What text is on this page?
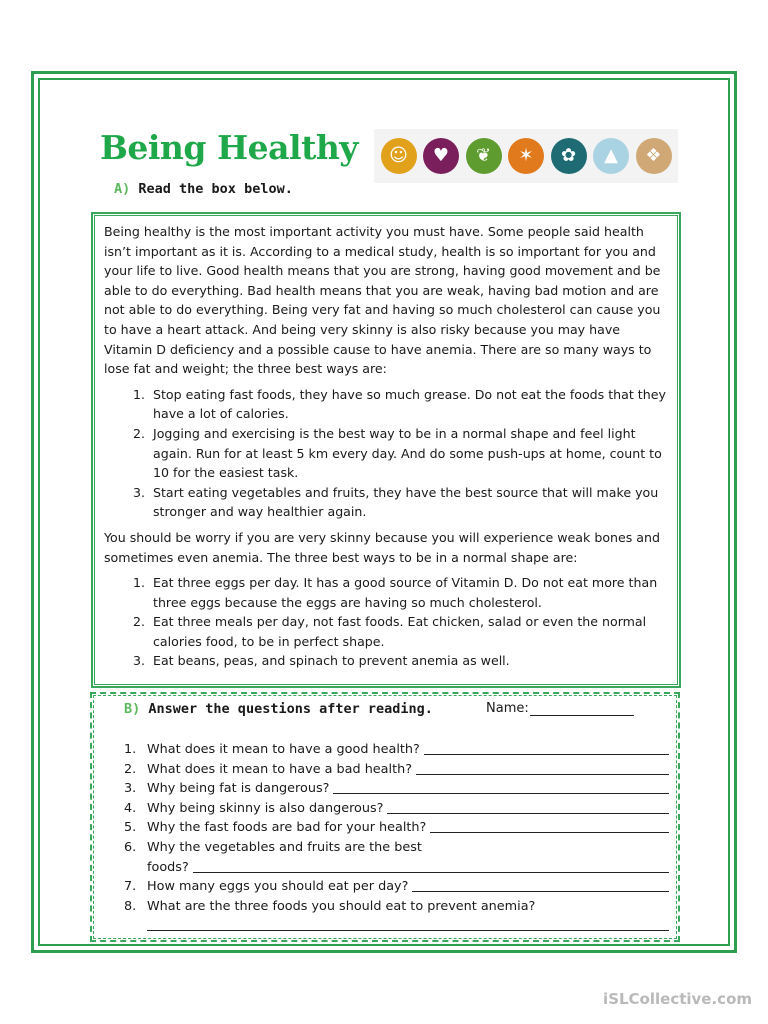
Being Healthy	☺	♥	❦	✶	✿	▲	❖

A) Read the box below.

Being healthy is the most important activity you must have. Some people said health isn’t important as it is. According to a medical study, health is so important for you and your life to live. Good health means that you are strong, having good movement and be able to do everything. Bad health means that you are weak, having bad motion and are not able to do everything. Being very fat and having so much cholesterol can cause you to have a heart attack. And being very skinny is also risky because you may have Vitamin D deficiency and a possible cause to have anemia. There are so many ways to lose fat and weight; the three best ways are:

1. Stop eating fast foods, they have so much grease. Do not eat the foods that they have a lot of calories.
2. Jogging and exercising is the best way to be in a normal shape and feel light again. Run for at least 5 km every day. And do some push-ups at home, count to 10 for the easiest task.
3. Start eating vegetables and fruits, they have the best source that will make you stronger and way healthier again.

You should be worry if you are very skinny because you will experience weak bones and sometimes even anemia. The three best ways to be in a normal shape are:

1. Eat three eggs per day. It has a good source of Vitamin D. Do not eat more than three eggs because the eggs are having so much cholesterol.
2. Eat three meals per day, not fast foods. Eat chicken, salad or even the normal calories food, to be in perfect shape.
3. Eat beans, peas, and spinach to prevent anemia as well.

B) Answer the questions after reading.	Name:
1. What does it mean to have a good health?
2. What does it mean to have a bad health?
3. Why being fat is dangerous?
4. Why being skinny is also dangerous?
5. Why the fast foods are bad for your health?
6. Why the vegetables and fruits are the best
foods?
7. How many eggs you should eat per day?
8. What are the three foods you should eat to prevent anemia?
iSLCollective.com
